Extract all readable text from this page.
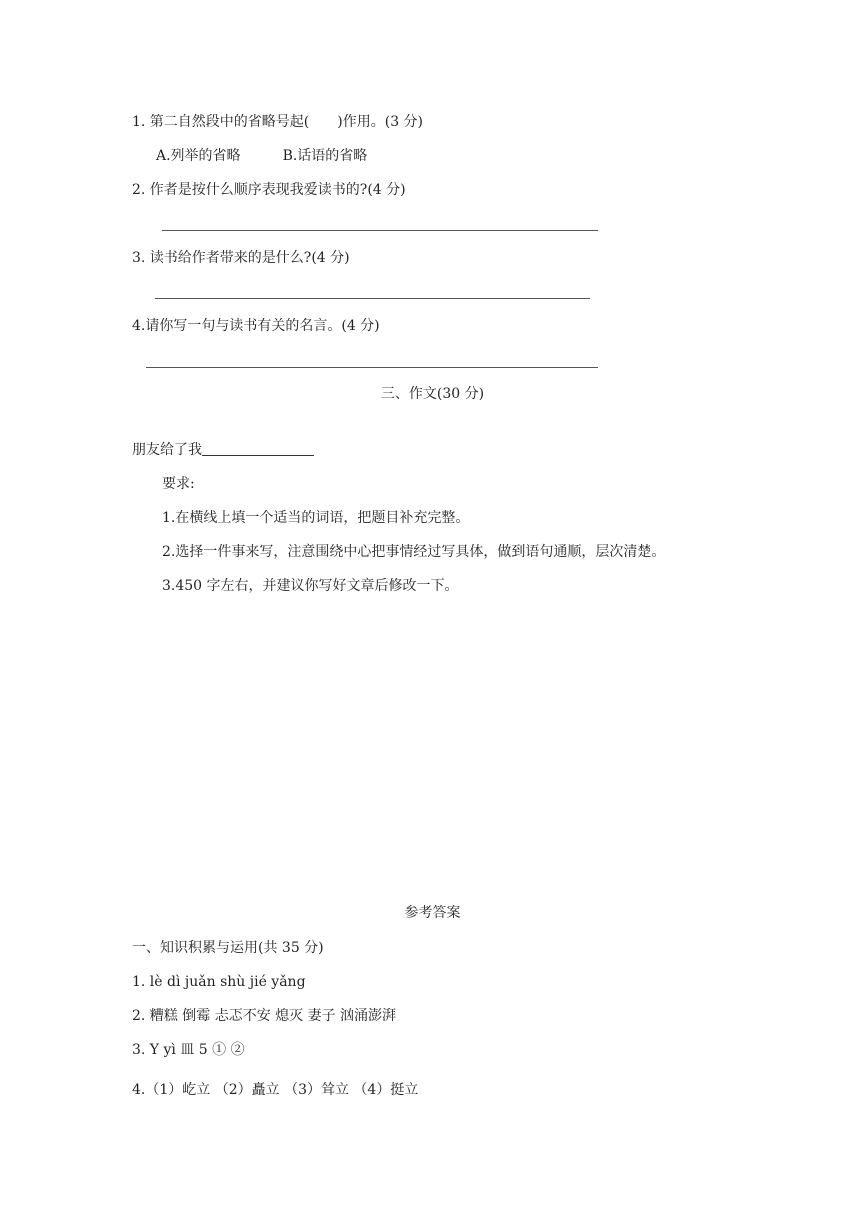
1. 第二自然段中的省略号起(　　)作用。(3 分)
A.列举的省略	B.话语的省略
2. 作者是按什么顺序表现我爱读书的?(4 分)
3. 读书给作者带来的是什么?(4 分)
4.请你写一句与读书有关的名言。(4 分)
三、作文(30 分)
朋友给了我
要求:
1.在横线上填一个适当的词语，把题目补充完整。
2.选择一件事来写，注意围绕中心把事情经过写具体，做到语句通顺，层次清楚。
3.450 字左右，并建议你写好文章后修改一下。
参考答案
一、知识积累与运用(共 35 分)
1. lè dì juǎn shù jié yǎng
2. 糟糕 倒霉 忐忑不安 熄灭 妻子 汹涌澎湃
3. Y yì 皿 5 ① ②
4.（1）屹立 （2）矗立 （3）耸立 （4）挺立
